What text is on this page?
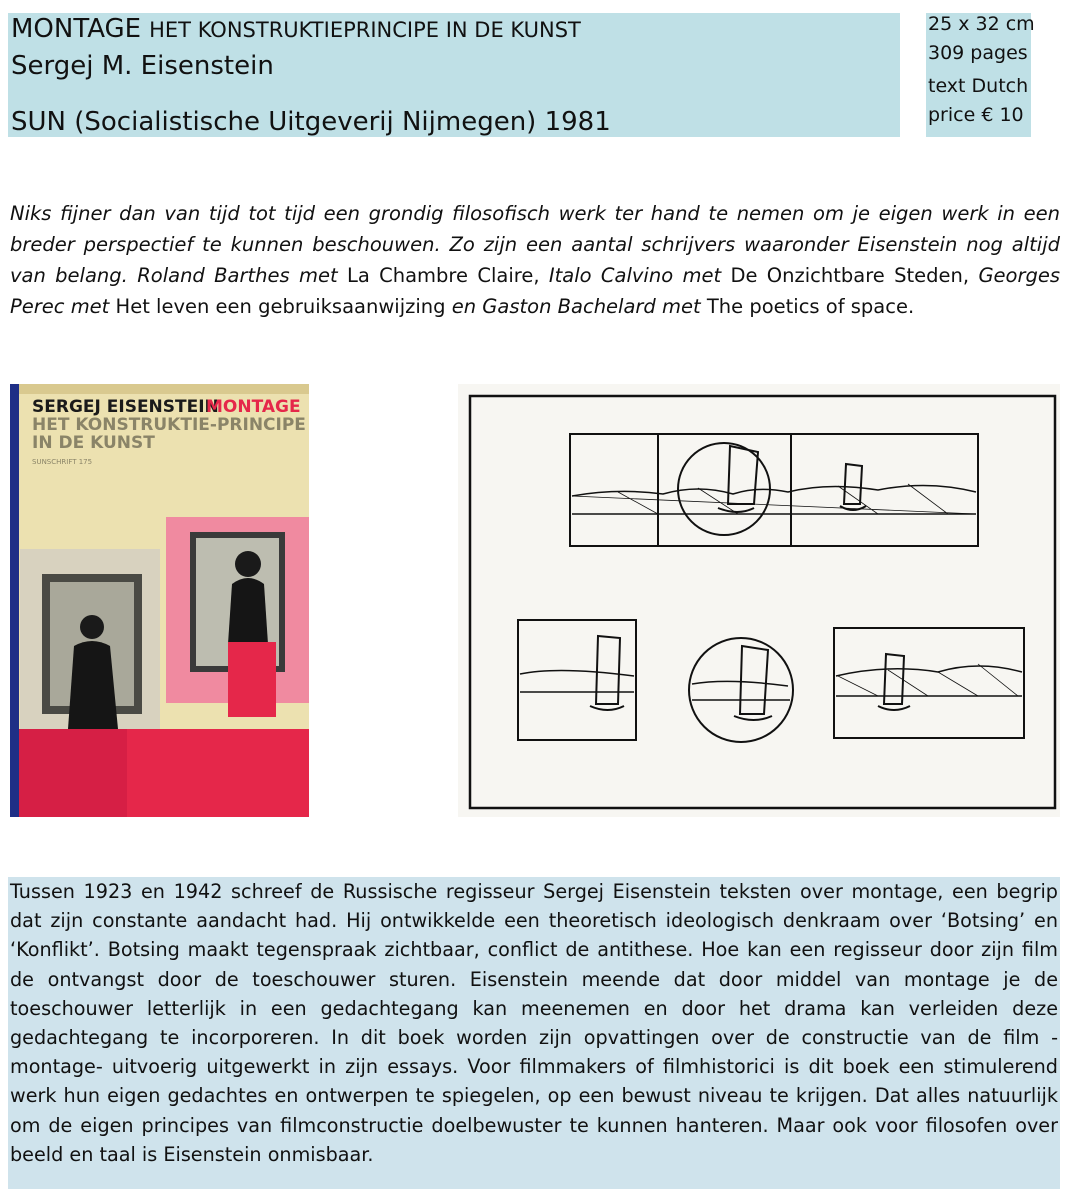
MONTAGE HET KONSTRUKTIEPRINCIPE IN DE KUNST
Sergej M. Eisenstein
SUN (Socialistische Uitgeverij Nijmegen) 1981
25 x 32 cm
309 pages
text Dutch
price € 10
Niks fijner dan van tijd tot tijd een grondig filosofisch werk ter hand te nemen om je eigen werk in een breder perspectief te kunnen beschouwen. Zo zijn een aantal schrijvers waaronder Eisenstein nog altijd van belang. Roland Barthes met La Chambre Claire, Italo Calvino met De Onzichtbare Steden, Georges Perec met Het leven een gebruiksaanwijzing en Gaston Bachelard met The poetics of space.
SERGEJ EISENSTEIN
MONTAGE
HET KONSTRUKTIE-PRINCIPE
IN DE KUNST
SUNSCHRIFT 175
Tussen 1923 en 1942 schreef de Russische regisseur Sergej Eisenstein teksten over montage, een begrip dat zijn constante aandacht had. Hij ontwikkelde een theoretisch ideologisch denkraam over ‘Botsing’ en ‘Konflikt’. Botsing maakt tegenspraak zichtbaar, conflict de antithese. Hoe kan een regisseur door zijn film de ontvangst door de toeschouwer sturen. Eisenstein meende dat door middel van montage je de toeschouwer letterlijk in een gedachtegang kan meenemen en door het drama kan verleiden deze gedachtegang te incorporeren. In dit boek worden zijn opvattingen over de constructie van de film -montage- uitvoerig uitgewerkt in zijn essays. Voor filmmakers of filmhistorici is dit boek een stimulerend werk hun eigen gedachtes en ontwerpen te spiegelen, op een bewust niveau te krijgen. Dat alles natuurlijk om de eigen principes van filmconstructie doelbewuster te kunnen hanteren. Maar ook voor filosofen over beeld en taal is Eisenstein onmisbaar.
